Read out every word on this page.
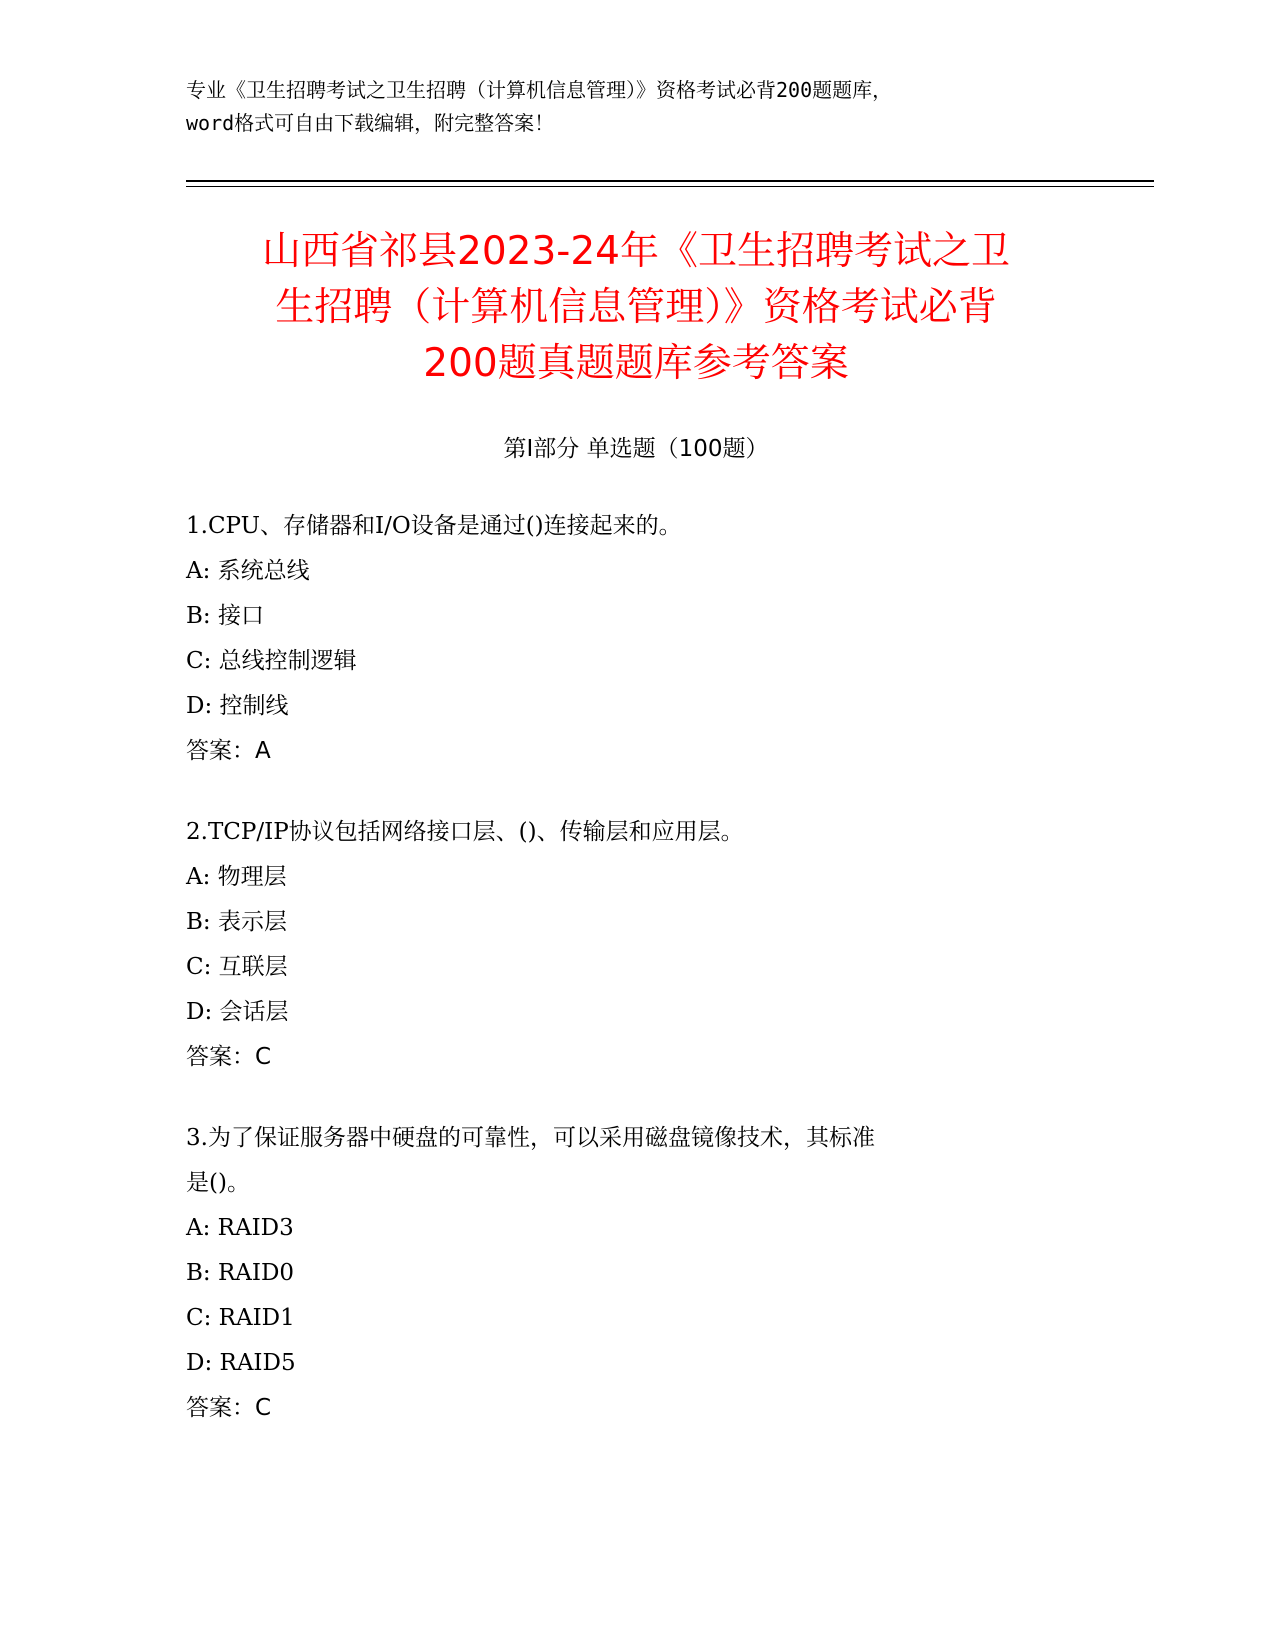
专业《卫生招聘考试之卫生招聘（计算机信息管理）》资格考试必背200题题库，
word格式可自由下载编辑，附完整答案！
山西省祁县2023-24年《卫生招聘考试之卫
生招聘（计算机信息管理）》资格考试必背
200题真题题库参考答案
第Ⅰ部分 单选题（100题）

1.CPU、存储器和I/O设备是通过()连接起来的。

A: 系统总线

B: 接口

C: 总线控制逻辑

D: 控制线

答案：A

2.TCP/IP协议包括网络接口层、()、传输层和应用层。

A: 物理层

B: 表示层

C: 互联层

D: 会话层

答案：C

3.为了保证服务器中硬盘的可靠性，可以采用磁盘镜像技术，其标准

是()。

A: RAID3

B: RAID0

C: RAID1

D: RAID5

答案：C
